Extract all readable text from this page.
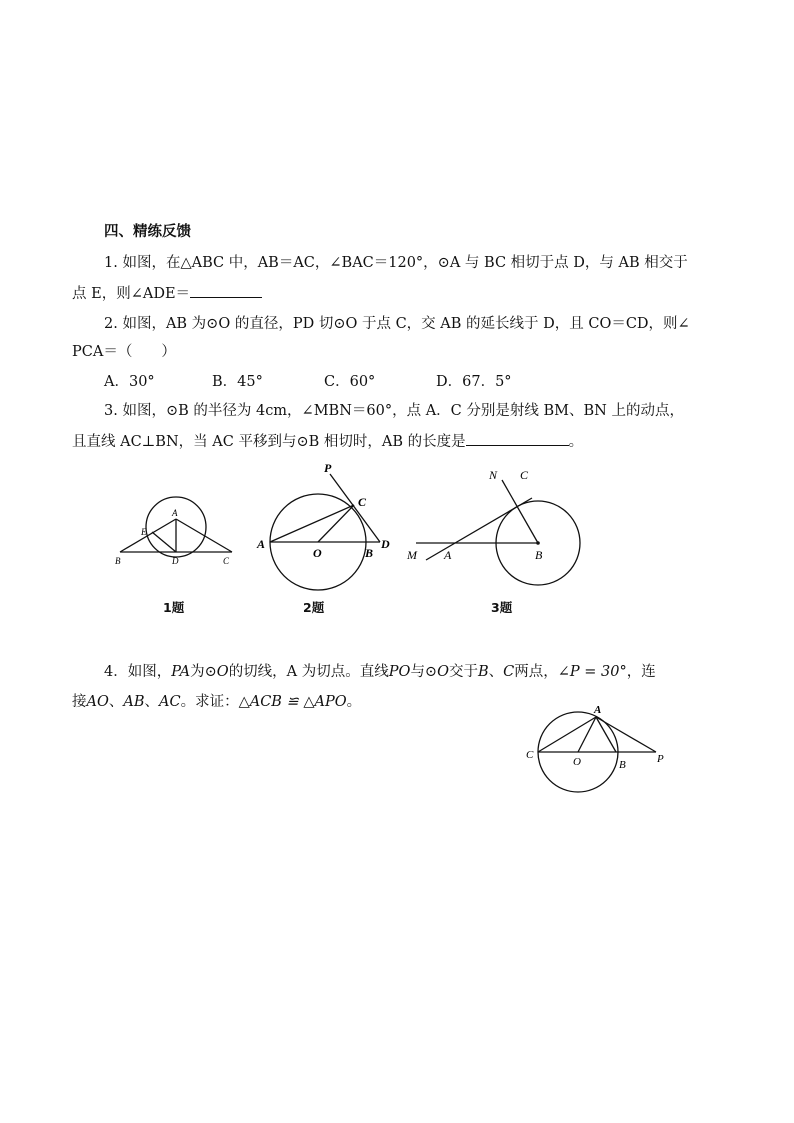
四、精练反馈
1. 如图，在△ABC 中，AB＝AC，∠BAC＝120°，⊙A 与 BC 相切于点 D，与 AB 相交于
点 E，则∠ADE＝
2. 如图，AB 为⊙O 的直径，PD 切⊙O 于点 C，交 AB 的延长线于 D，且 CO＝CD，则∠
PCA＝（　　）
A．30°	B．45°	C．60°	D．67．5°
3. 如图，⊙B 的半径为 4cm，∠MBN＝60°，点 A．C 分别是射线 BM、BN 上的动点，
且直线 AC⊥BN，当 AC 平移到与⊙B 相切时，AB 的长度是	。
A
E
B	D	C
P
C
A
O	B
D
N C
M A	B
1题	2题	3题
4．如图，PA为⊙O的切线，A 为切点。直线PO与⊙O交于B、C两点，∠P = 30°，连
接AO、AB、AC。求证：△ACB ≌ △APO。	A
C
O	B	P
